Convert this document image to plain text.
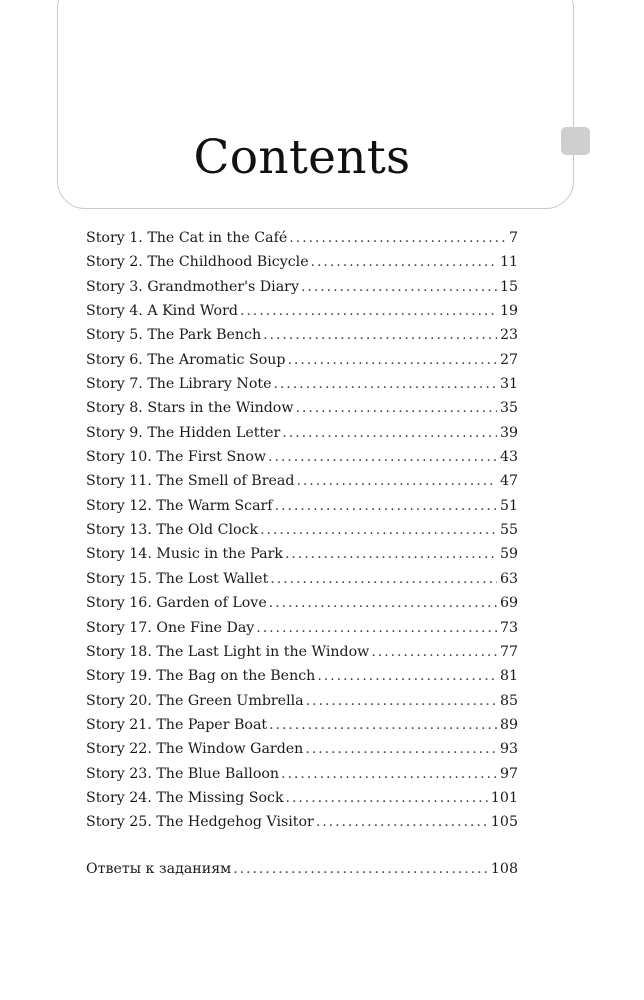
Contents
Story 1. The Cat in the Café . . .	7
Story 2. The Childhood Bicycle . . .	11
Story 3. Grandmother's Diary . . .	15
Story 4. A Kind Word . . .	19
Story 5. The Park Bench . . .	23
Story 6. The Aromatic Soup . . .	27
Story 7. The Library Note . . .	31
Story 8. Stars in the Window . . .	35
Story 9. The Hidden Letter . . .	39
Story 10. The First Snow . . .	43
Story 11. The Smell of Bread . . .	47
Story 12. The Warm Scarf . . .	51
Story 13. The Old Clock . . .	55
Story 14. Music in the Park . . .	59
Story 15. The Lost Wallet . . .	63
Story 16. Garden of Love . . .	69
Story 17. One Fine Day . . .	73
Story 18. The Last Light in the Window . . .	77
Story 19. The Bag on the Bench . . .	81
Story 20. The Green Umbrella . . .	85
Story 21. The Paper Boat . . .	89
Story 22. The Window Garden . . .	93
Story 23. The Blue Balloon . . .	97
Story 24. The Missing Sock . . .	101
Story 25. The Hedgehog Visitor . . .	105
Ответы к заданиям . . .	108
